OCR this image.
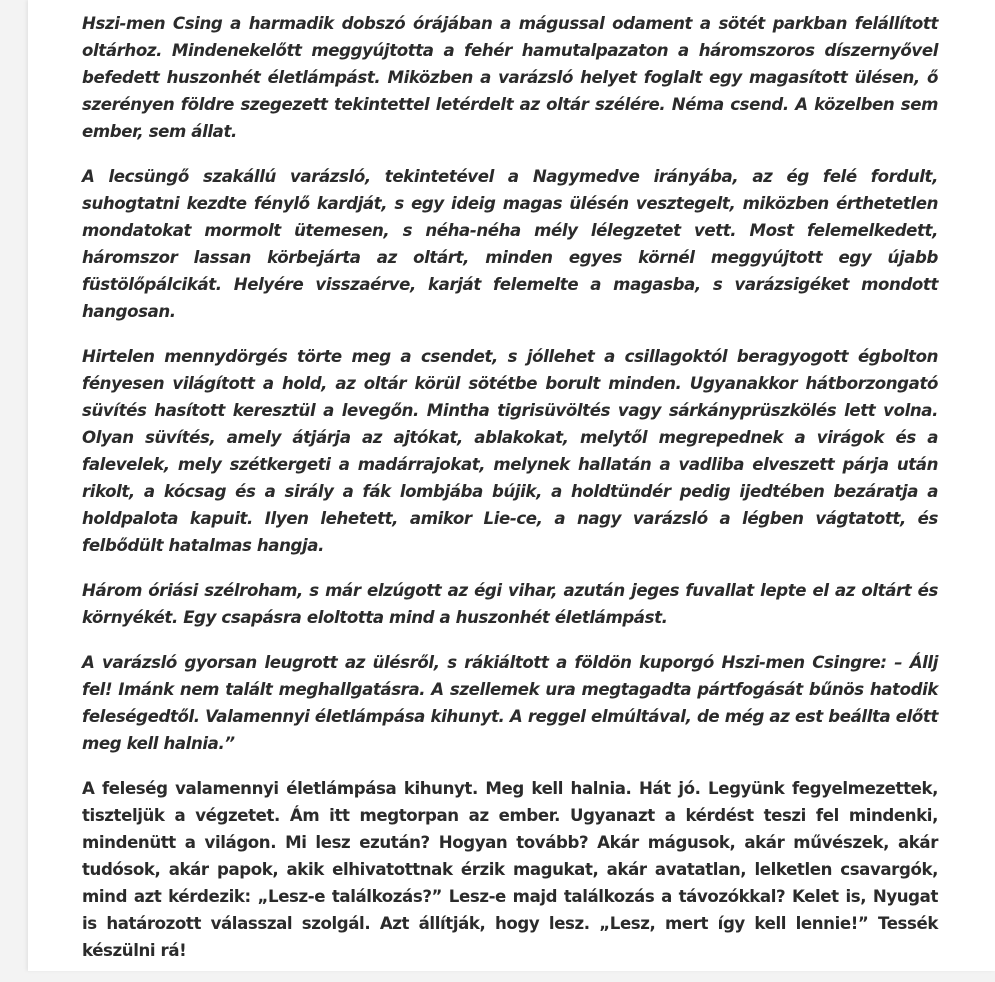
Hszi-men Csing a harmadik dobszó órájában a mágussal odament a sötét parkban felállított oltárhoz. Mindenekelőtt meggyújtotta a fehér hamutalpazaton a háromszoros díszernyővel befedett huszonhét életlámpást. Miközben a varázsló helyet foglalt egy magasított ülésen, ő szerényen földre szegezett tekintettel letérdelt az oltár szélére. Néma csend. A közelben sem ember, sem állat.

A lecsüngő szakállú varázsló, tekintetével a Nagymedve irányába, az ég felé fordult, suhogtatni kezdte fénylő kardját, s egy ideig magas ülésén vesztegelt, miközben érthetetlen mondatokat mormolt ütemesen, s néha-néha mély lélegzetet vett. Most felemelkedett, háromszor lassan körbejárta az oltárt, minden egyes körnél meggyújtott egy újabb füstölőpálcikát. Helyére visszaérve, karját felemelte a magasba, s varázsigéket mondott hangosan.

Hirtelen mennydörgés törte meg a csendet, s jóllehet a csillagoktól beragyogott égbolton fényesen világított a hold, az oltár körül sötétbe borult minden. Ugyanakkor hátborzongató süvítés hasított keresztül a levegőn. Mintha tigrisüvöltés vagy sárkányprüszkölés lett volna. Olyan süvítés, amely átjárja az ajtókat, ablakokat, melytől megrepednek a virágok és a falevelek, mely szétkergeti a madárrajokat, melynek hallatán a vadliba elveszett párja után rikolt, a kócsag és a sirály a fák lombjába bújik, a holdtündér pedig ijedtében bezáratja a holdpalota kapuit. Ilyen lehetett, amikor Lie-ce, a nagy varázsló a légben vágtatott, és felbődült hatalmas hangja.

Három óriási szélroham, s már elzúgott az égi vihar, azután jeges fuvallat lepte el az oltárt és környékét. Egy csapásra eloltotta mind a huszonhét életlámpást.

A varázsló gyorsan leugrott az ülésről, s rákiáltott a földön kuporgó Hszi-men Csingre: – Állj fel! Imánk nem talált meghallgatásra. A szellemek ura megtagadta pártfogását bűnös hatodik feleségedtől. Valamennyi életlámpása kihunyt. A reggel elmúltával, de még az est beállta előtt meg kell halnia.”

A feleség valamennyi életlámpása kihunyt. Meg kell halnia. Hát jó. Legyünk fegyelmezettek, tiszteljük a végzetet. Ám itt megtorpan az ember. Ugyanazt a kérdést teszi fel mindenki, mindenütt a világon. Mi lesz ezután? Hogyan tovább? Akár mágusok, akár művészek, akár tudósok, akár papok, akik elhivatottnak érzik magukat, akár avatatlan, lelketlen csavargók, mind azt kérdezik: „Lesz-e találkozás?” Lesz-e majd találkozás a távozókkal? Kelet is, Nyugat is határozott válasszal szolgál. Azt állítják, hogy lesz. „Lesz, mert így kell lennie!” Tessék készülni rá!
